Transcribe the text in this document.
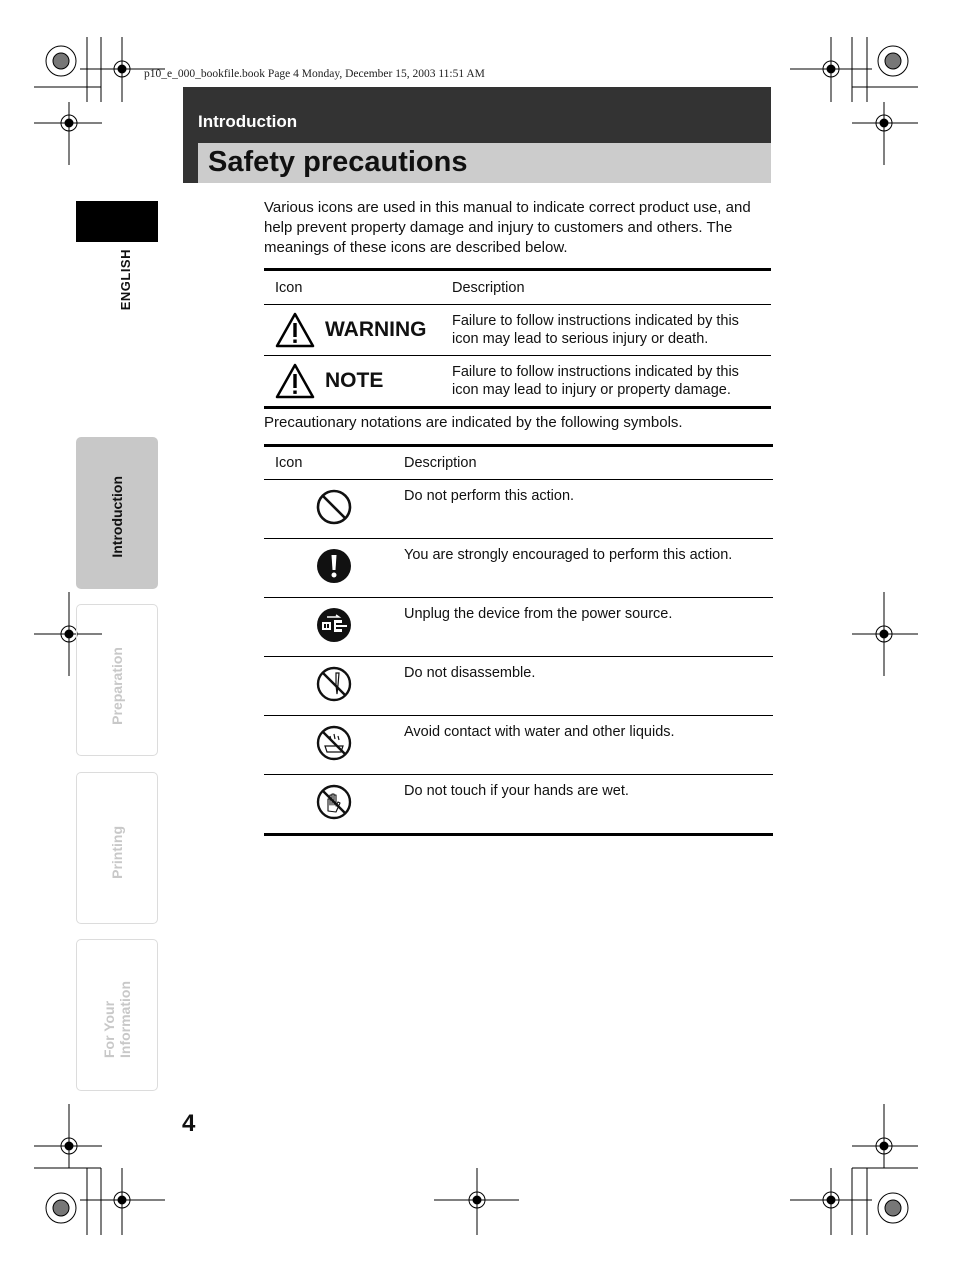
p10_e_000_bookfile.book Page 4 Monday, December 15, 2003 11:51 AM
Introduction
Safety precautions
ENGLISH
Introduction
Preparation
Printing
For Your Information

Various icons are used in this manual to indicate correct product use, and help prevent property damage and injury to customers and others. The meanings of these icons are described below.

Icon	Description

WARNING	Failure to follow instructions indicated by this icon may lead to serious injury or death.

NOTE	Failure to follow instructions indicated by this icon may lead to injury or property damage.
Precautionary notations are indicated by the following symbols.
Icon	Description
	Do not perform this action.
	You are strongly encouraged to perform this action.
	Unplug the device from the power source.
	Do not disassemble.
	Avoid contact with water and other liquids.
	Do not touch if your hands are wet.
4
